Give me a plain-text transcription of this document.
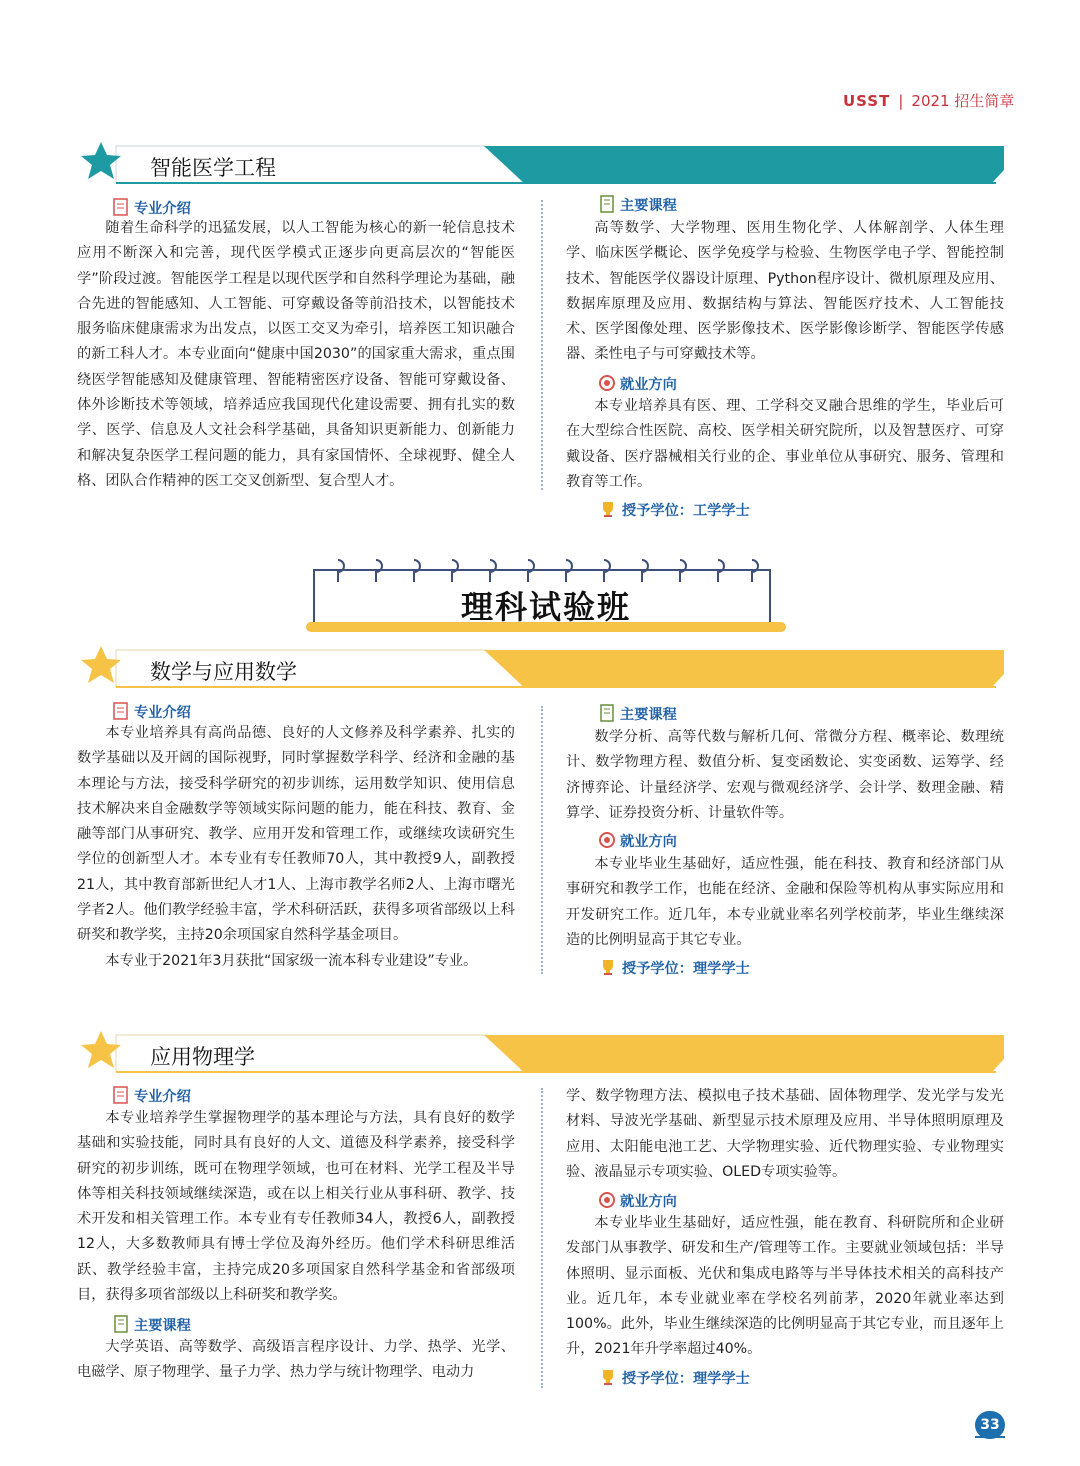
USST | 2021 招生简章
智能医学工程
专业介绍

随着生命科学的迅猛发展，以人工智能为核心的新一轮信息技术应用不断深入和完善，现代医学模式正逐步向更高层次的“智能医学”阶段过渡。智能医学工程是以现代医学和自然科学理论为基础，融合先进的智能感知、人工智能、可穿戴设备等前沿技术，以智能技术服务临床健康需求为出发点，以医工交叉为牵引，培养医工知识融合的新工科人才。本专业面向“健康中国2030”的国家重大需求，重点围绕医学智能感知及健康管理、智能精密医疗设备、智能可穿戴设备、体外诊断技术等领域，培养适应我国现代化建设需要、拥有扎实的数学、医学、信息及人文社会科学基础，具备知识更新能力、创新能力和解决复杂医学工程问题的能力，具有家国情怀、全球视野、健全人格、团队合作精神的医工交叉创新型、复合型人才。

主要课程

高等数学、大学物理、医用生物化学、人体解剖学、人体生理学、临床医学概论、医学免疫学与检验、生物医学电子学、智能控制技术、智能医学仪器设计原理、Python程序设计、微机原理及应用、数据库原理及应用、数据结构与算法、智能医疗技术、人工智能技术、医学图像处理、医学影像技术、医学影像诊断学、智能医学传感器、柔性电子与可穿戴技术等。

就业方向

本专业培养具有医、理、工学科交叉融合思维的学生，毕业后可在大型综合性医院、高校、医学相关研究院所，以及智慧医疗、可穿戴设备、医疗器械相关行业的企、事业单位从事研究、服务、管理和教育等工作。

授予学位：工学学士
理科试验班
数学与应用数学
专业介绍

本专业培养具有高尚品德、良好的人文修养及科学素养、扎实的数学基础以及开阔的国际视野，同时掌握数学科学、经济和金融的基本理论与方法，接受科学研究的初步训练，运用数学知识、使用信息技术解决来自金融数学等领域实际问题的能力，能在科技、教育、金融等部门从事研究、教学、应用开发和管理工作，或继续攻读研究生学位的创新型人才。本专业有专任教师70人，其中教授9人，副教授21人，其中教育部新世纪人才1人、上海市教学名师2人、上海市曙光学者2人。他们教学经验丰富，学术科研活跃，获得多项省部级以上科研奖和教学奖，主持20余项国家自然科学基金项目。

本专业于2021年3月获批“国家级一流本科专业建设”专业。

主要课程

数学分析、高等代数与解析几何、常微分方程、概率论、数理统计、数学物理方程、数值分析、复变函数论、实变函数、运筹学、经济博弈论、计量经济学、宏观与微观经济学、会计学、数理金融、精算学、证券投资分析、计量软件等。

就业方向

本专业毕业生基础好，适应性强，能在科技、教育和经济部门从事研究和教学工作，也能在经济、金融和保险等机构从事实际应用和开发研究工作。近几年，本专业就业率名列学校前茅，毕业生继续深造的比例明显高于其它专业。

授予学位：理学学士
应用物理学
专业介绍

本专业培养学生掌握物理学的基本理论与方法，具有良好的数学基础和实验技能，同时具有良好的人文、道德及科学素养，接受科学研究的初步训练，既可在物理学领域，也可在材料、光学工程及半导体等相关科技领域继续深造，或在以上相关行业从事科研、教学、技术开发和相关管理工作。本专业有专任教师34人，教授6人，副教授12人，大多数教师具有博士学位及海外经历。他们学术科研思维活跃、教学经验丰富，主持完成20多项国家自然科学基金和省部级项目，获得多项省部级以上科研奖和教学奖。

主要课程

大学英语、高等数学、高级语言程序设计、力学、热学、光学、电磁学、原子物理学、量子力学、热力学与统计物理学、电动力

学、数学物理方法、模拟电子技术基础、固体物理学、发光学与发光材料、导波光学基础、新型显示技术原理及应用、半导体照明原理及应用、太阳能电池工艺、大学物理实验、近代物理实验、专业物理实验、液晶显示专项实验、OLED专项实验等。

就业方向

本专业毕业生基础好，适应性强，能在教育、科研院所和企业研发部门从事教学、研发和生产/管理等工作。主要就业领域包括：半导体照明、显示面板、光伏和集成电路等与半导体技术相关的高科技产业。近几年，本专业就业率在学校名列前茅，2020年就业率达到100%。此外，毕业生继续深造的比例明显高于其它专业，而且逐年上升，2021年升学率超过40%。

授予学位：理学学士
33
